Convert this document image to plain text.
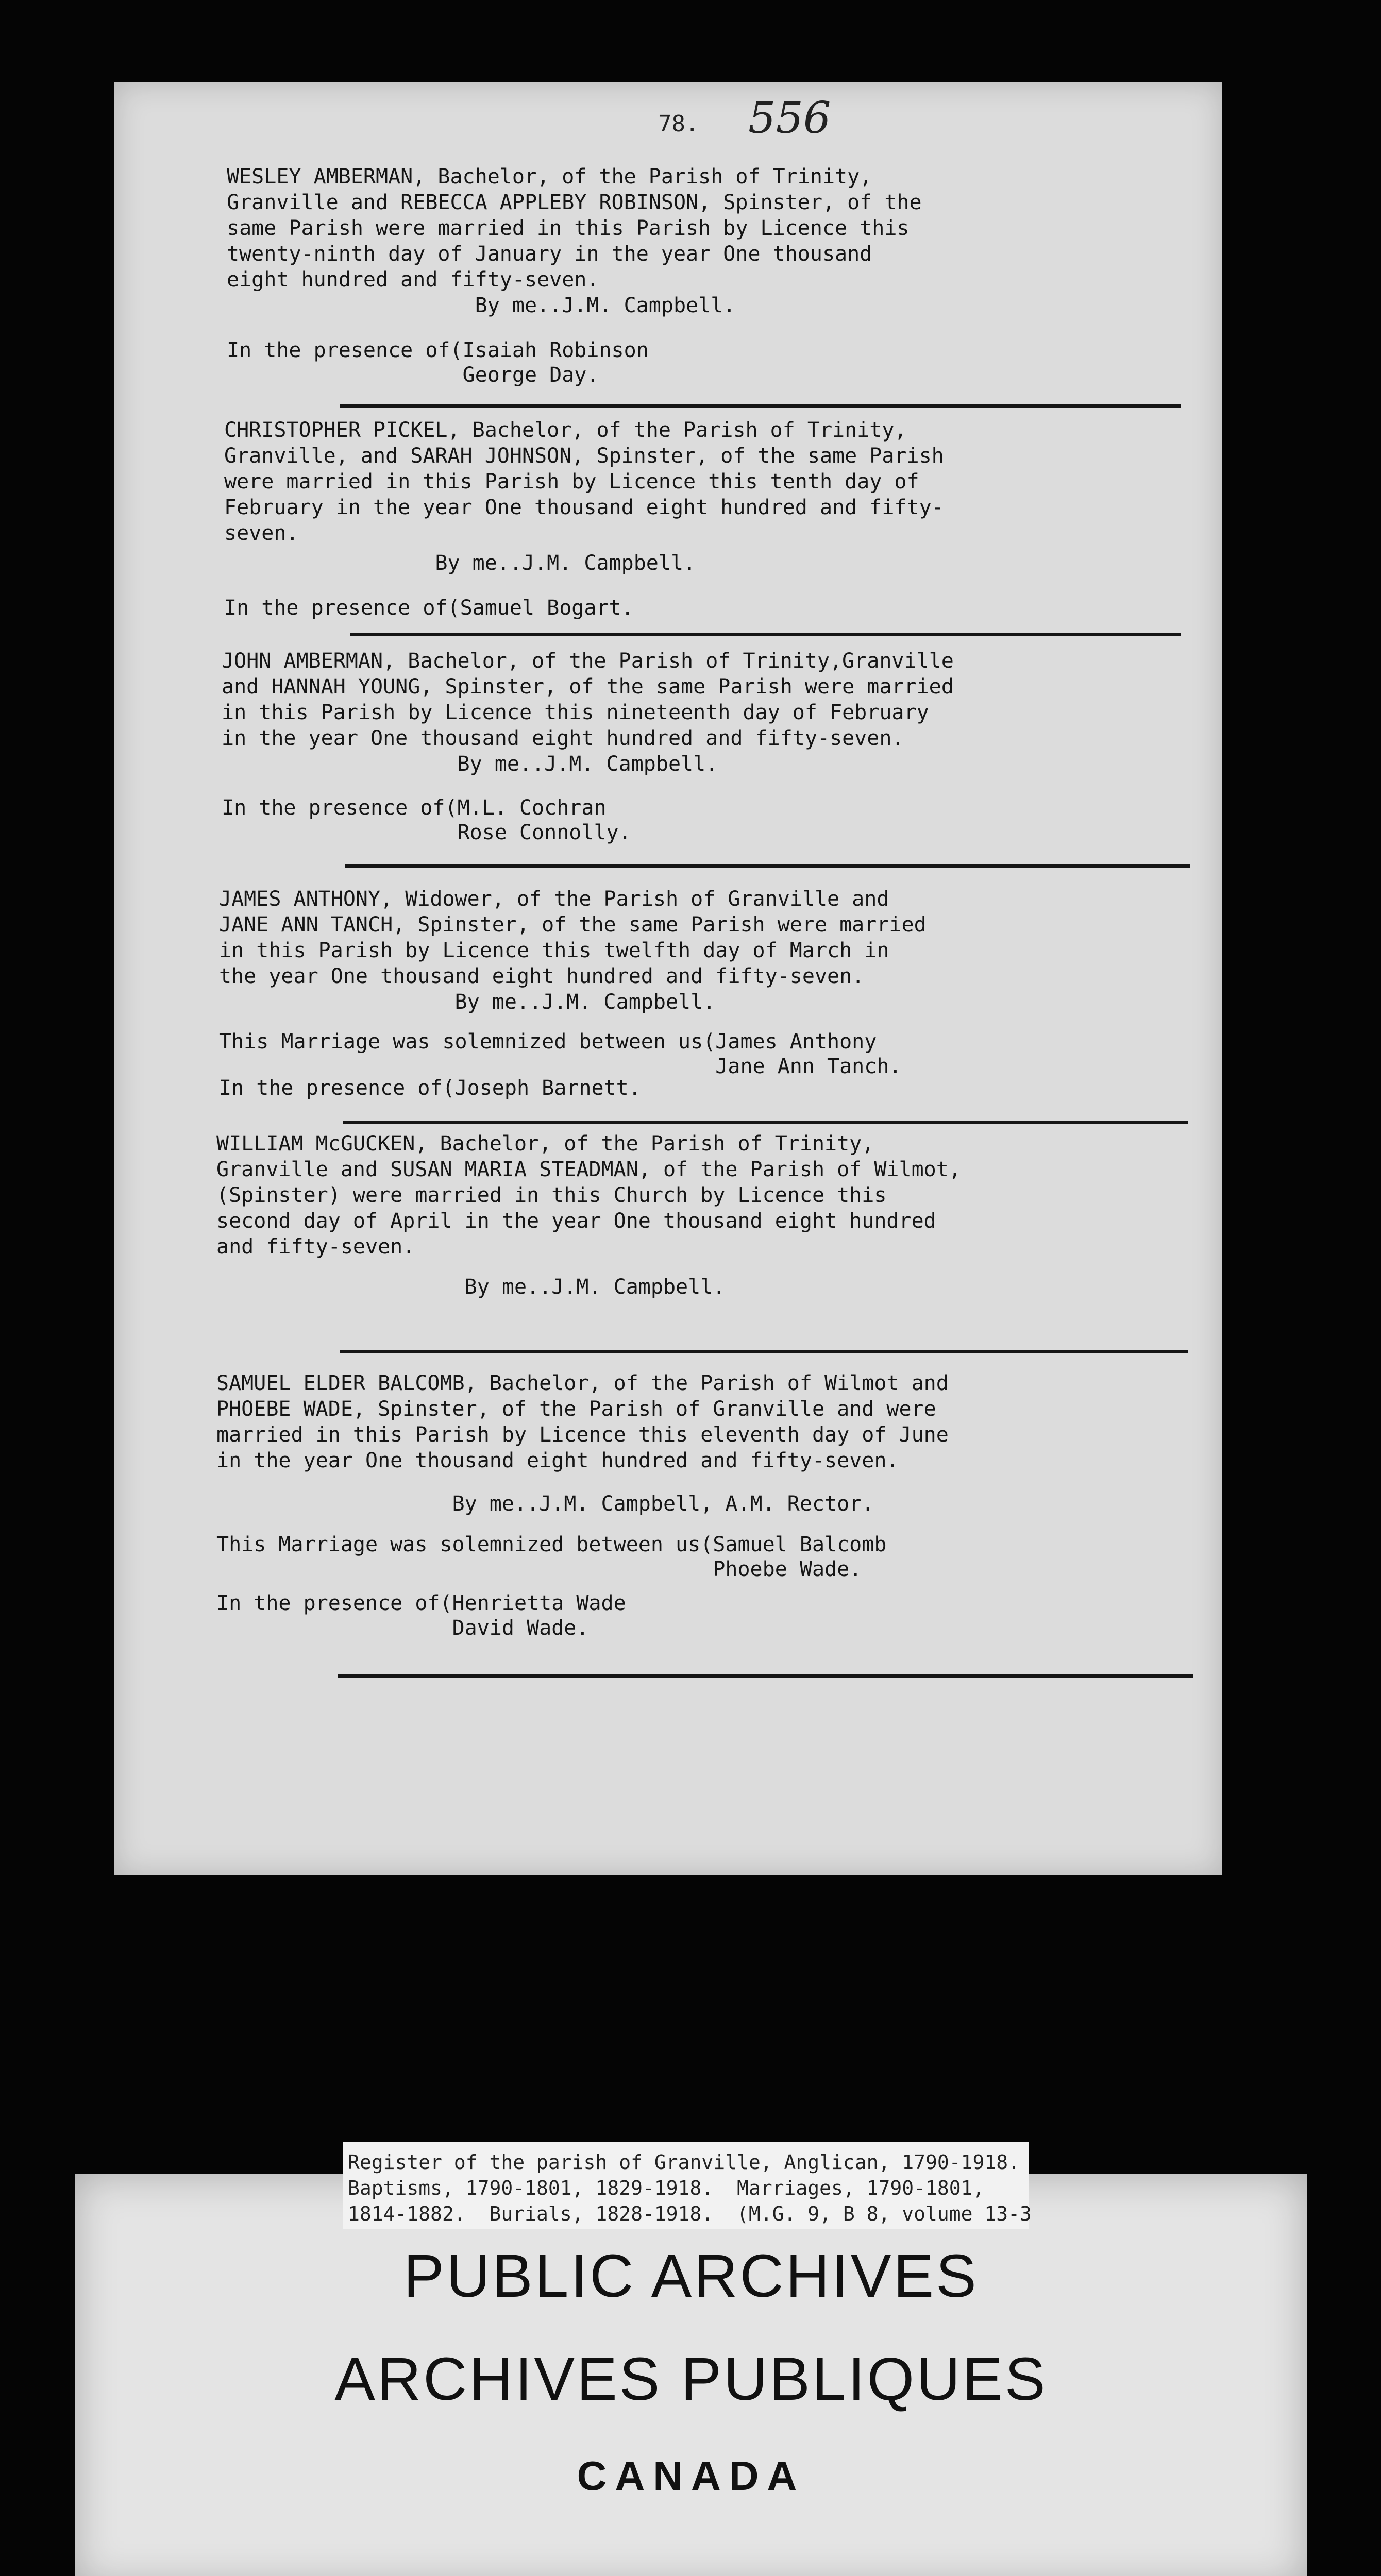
78. 556

WESLEY AMBERMAN, Bachelor, of the Parish of Trinity,
Granville and REBECCA APPLEBY ROBINSON, Spinster, of the
same Parish were married in this Parish by Licence this
twenty-ninth day of January in the year One thousand
eight hundred and fifty-seven.

By me..J.M. Campbell.

In the presence of( Isaiah Robinson
George Day.

CHRISTOPHER PICKEL, Bachelor, of the Parish of Trinity,
Granville, and SARAH JOHNSON, Spinster, of the same Parish
were married in this Parish by Licence this tenth day of
February in the year One thousand eight hundred and fifty-
seven.

By me..J.M. Campbell.

In the presence of( Samuel Bogart.

JOHN AMBERMAN, Bachelor, of the Parish of Trinity,Granville
and HANNAH YOUNG, Spinster, of the same Parish were married
in this Parish by Licence this nineteenth day of February
in the year One thousand eight hundred and fifty-seven.

By me..J.M. Campbell.

In the presence of( M.L. Cochran
Rose Connolly.

JAMES ANTHONY, Widower, of the Parish of Granville and
JANE ANN TANCH, Spinster, of the same Parish were married
in this Parish by Licence this twelfth day of March in
the year One thousand eight hundred and fifty-seven.

By me..J.M. Campbell.

This Marriage was solemnized between us( James Anthony
Jane Ann Tanch.
In the presence of( Joseph Barnett.

WILLIAM McGUCKEN, Bachelor, of the Parish of Trinity,
Granville and SUSAN MARIA STEADMAN, of the Parish of Wilmot,
(Spinster) were married in this Church by Licence this
second day of April in the year One thousand eight hundred
and fifty-seven.

By me..J.M. Campbell.

SAMUEL ELDER BALCOMB, Bachelor, of the Parish of Wilmot and
PHOEBE WADE, Spinster, of the Parish of Granville and were
married in this Parish by Licence this eleventh day of June
in the year One thousand eight hundred and fifty-seven.

By me..J.M. Campbell, A.M. Rector.

This Marriage was solemnized between us( Samuel Balcomb
Phoebe Wade.
In the presence of( Henrietta Wade
David Wade.
PUBLIC ARCHIVES
ARCHIVES PUBLIQUES
CANADA

Register of the parish of Granville, Anglican, 1790-1918.

Baptisms, 1790-1801, 1829-1918.  Marriages, 1790-1801,

1814-1882.  Burials, 1828-1918.  (M.G. 9, B 8, volume 13-3
